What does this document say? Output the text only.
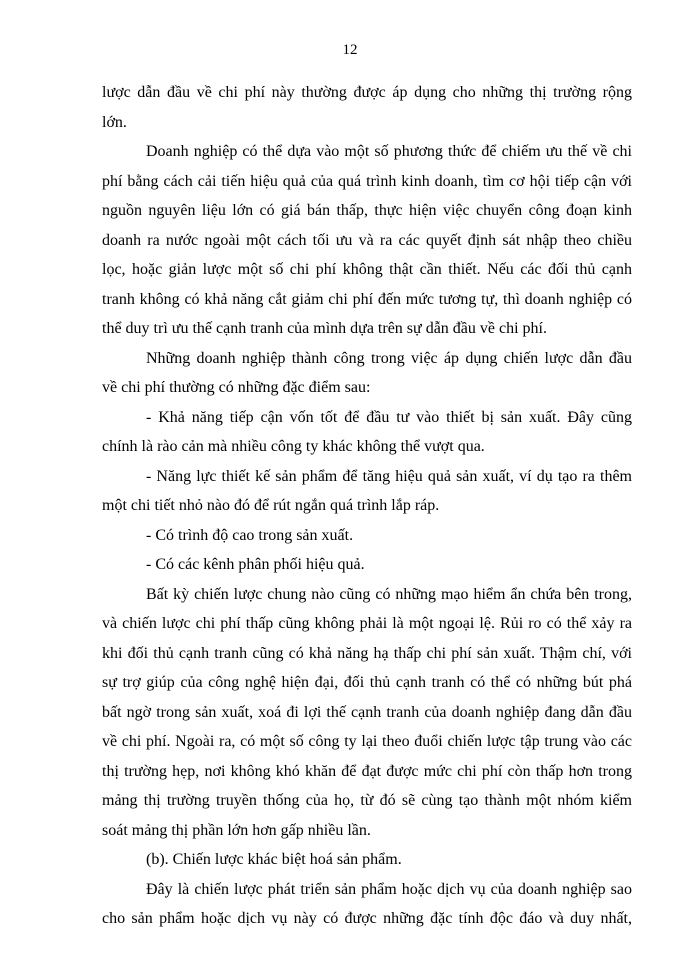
12
lược dẫn đầu về chi phí này thường được áp dụng cho những thị trường rộng
lớn.
Doanh nghiệp có thể dựa vào một số phương thức để chiếm ưu thế về chi
phí bằng cách cải tiến hiệu quả của quá trình kinh doanh, tìm cơ hội tiếp cận với
nguồn nguyên liệu lớn có giá bán thấp, thực hiện việc chuyển công đoạn kinh
doanh ra nước ngoài một cách tối ưu và ra các quyết định sát nhập theo chiều
lọc, hoặc giản lược một số chi phí không thật cần thiết. Nếu các đối thủ cạnh
tranh không có khả năng cắt giảm chi phí đến mức tương tự, thì doanh nghiệp có
thể duy trì ưu thế cạnh tranh của mình dựa trên sự dẫn đầu về chi phí.
Những doanh nghiệp thành công trong việc áp dụng chiến lược dẫn đầu
về chi phí thường có những đặc điểm sau:
- Khả năng tiếp cận vốn tốt để đầu tư vào thiết bị sản xuất. Đây cũng
chính là rào cản mà nhiều công ty khác không thể vượt qua.
- Năng lực thiết kế sản phẩm để tăng hiệu quả sản xuất, ví dụ tạo ra thêm
một chi tiết nhỏ nào đó để rút ngắn quá trình lắp ráp.
- Có trình độ cao trong sản xuất.
- Có các kênh phân phối hiệu quả.
Bất kỳ chiến lược chung nào cũng có những mạo hiểm ẩn chứa bên trong,
và chiến lược chi phí thấp cũng không phải là một ngoại lệ. Rủi ro có thể xảy ra
khi đối thủ cạnh tranh cũng có khả năng hạ thấp chi phí sản xuất. Thậm chí, với
sự trợ giúp của công nghệ hiện đại, đối thủ cạnh tranh có thể có những bút phá
bất ngờ trong sản xuất, xoá đi lợi thế cạnh tranh của doanh nghiệp đang dẫn đầu
về chi phí. Ngoài ra, có một số công ty lại theo đuổi chiến lược tập trung vào các
thị trường hẹp, nơi không khó khăn để đạt được mức chi phí còn thấp hơn trong
mảng thị trường truyền thống của họ, từ đó sẽ cùng tạo thành một nhóm kiểm
soát mảng thị phần lớn hơn gấp nhiều lần.
(b). Chiến lược khác biệt hoá sản phẩm.
Đây là chiến lược phát triển sản phẩm hoặc dịch vụ của doanh nghiệp sao
cho sản phẩm hoặc dịch vụ này có được những đặc tính độc đáo và duy nhất,
